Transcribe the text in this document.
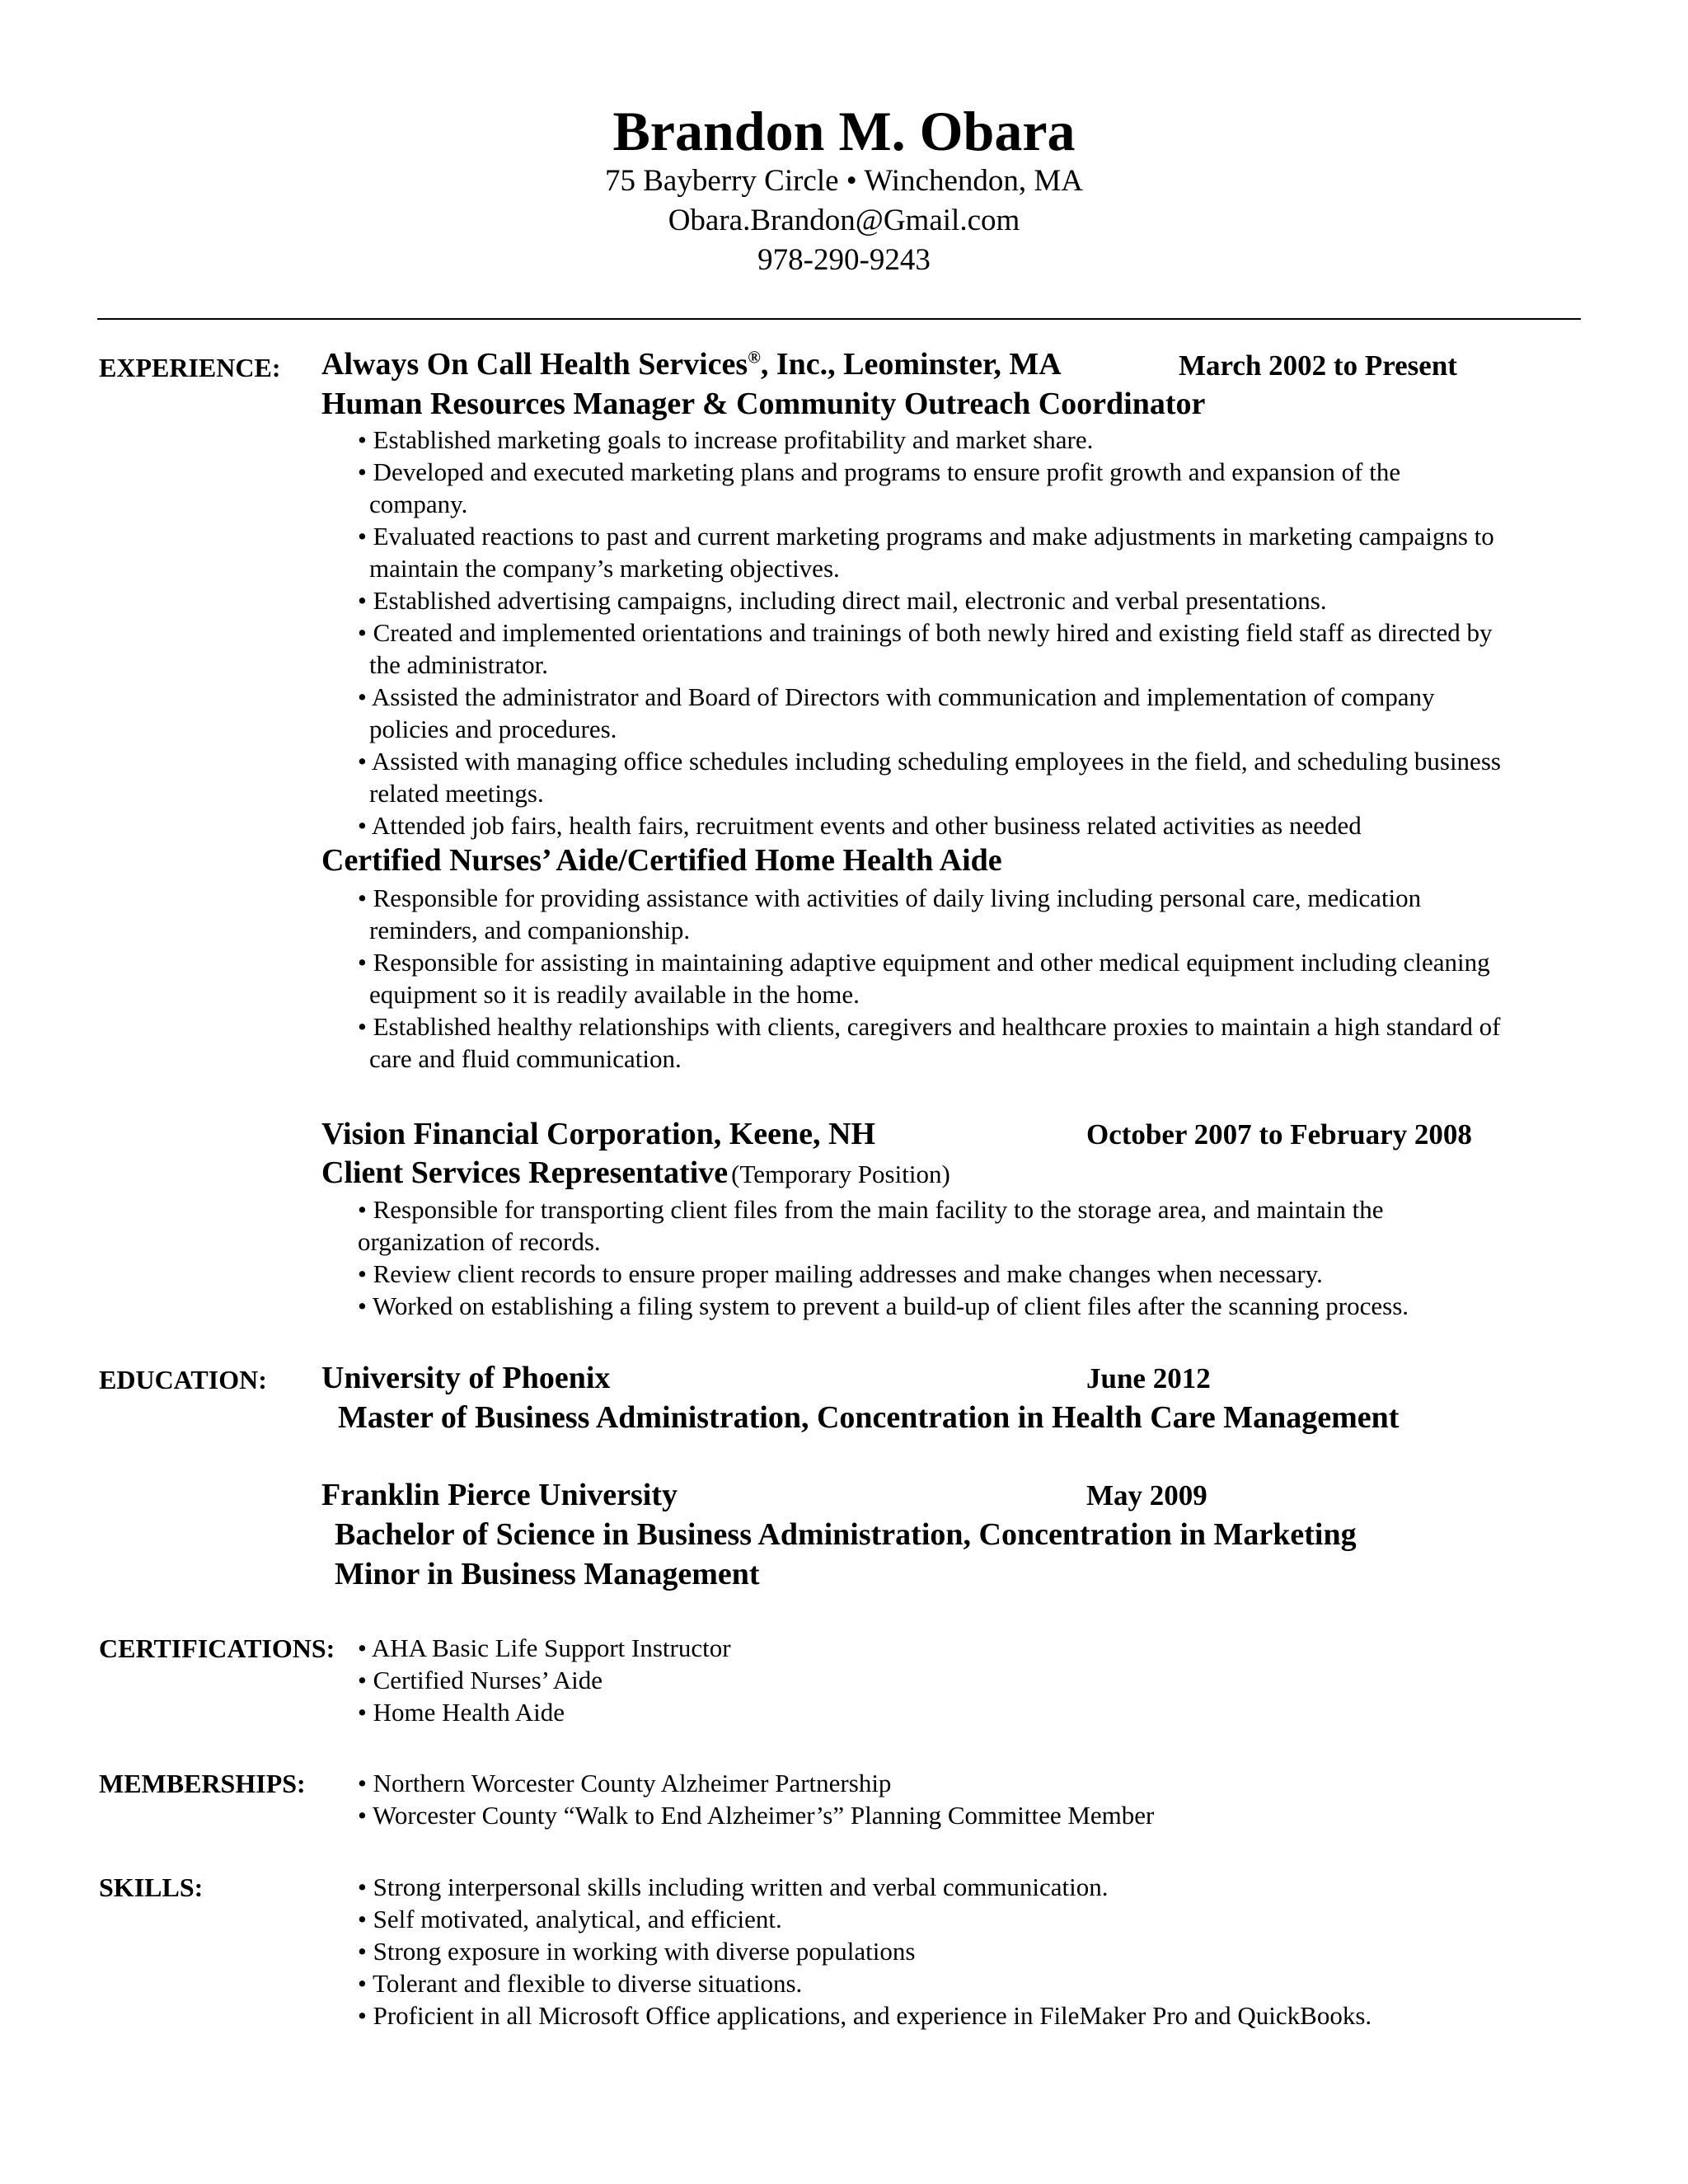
Brandon M. Obara
75 Bayberry Circle • Winchendon, MA
Obara.Brandon@Gmail.com
978-290-9243
EXPERIENCE: Always On Call Health Services®, Inc., Leominster, MA	March 2002 to Present
Human Resources Manager & Community Outreach Coordinator
• Established marketing goals to increase profitability and market share.
• Developed and executed marketing plans and programs to ensure profit growth and expansion of the
company.
• Evaluated reactions to past and current marketing programs and make adjustments in marketing campaigns to
maintain the company’s marketing objectives.
• Established advertising campaigns, including direct mail, electronic and verbal presentations.
• Created and implemented orientations and trainings of both newly hired and existing field staff as directed by
the administrator.
• Assisted the administrator and Board of Directors with communication and implementation of company
policies and procedures.
• Assisted with managing office schedules including scheduling employees in the field, and scheduling business
related meetings.
• Attended job fairs, health fairs, recruitment events and other business related activities as needed
Certified Nurses’ Aide/Certified Home Health Aide
• Responsible for providing assistance with activities of daily living including personal care, medication
reminders, and companionship.
• Responsible for assisting in maintaining adaptive equipment and other medical equipment including cleaning
equipment so it is readily available in the home.
• Established healthy relationships with clients, caregivers and healthcare proxies to maintain a high standard of
care and fluid communication.
Vision Financial Corporation, Keene, NH	October 2007 to February 2008
Client Services Representative (Temporary Position)
• Responsible for transporting client files from the main facility to the storage area, and maintain the
organization of records.
• Review client records to ensure proper mailing addresses and make changes when necessary.
• Worked on establishing a filing system to prevent a build-up of client files after the scanning process.
EDUCATION: University of Phoenix	June 2012
Master of Business Administration, Concentration in Health Care Management
Franklin Pierce University	May 2009
Bachelor of Science in Business Administration, Concentration in Marketing
Minor in Business Management
CERTIFICATIONS: • AHA Basic Life Support Instructor
• Certified Nurses’ Aide
• Home Health Aide
MEMBERSHIPS: • Northern Worcester County Alzheimer Partnership
• Worcester County “Walk to End Alzheimer’s” Planning Committee Member
SKILLS:	• Strong interpersonal skills including written and verbal communication.
• Self motivated, analytical, and efficient.
• Strong exposure in working with diverse populations
• Tolerant and flexible to diverse situations.
• Proficient in all Microsoft Office applications, and experience in FileMaker Pro and QuickBooks.
